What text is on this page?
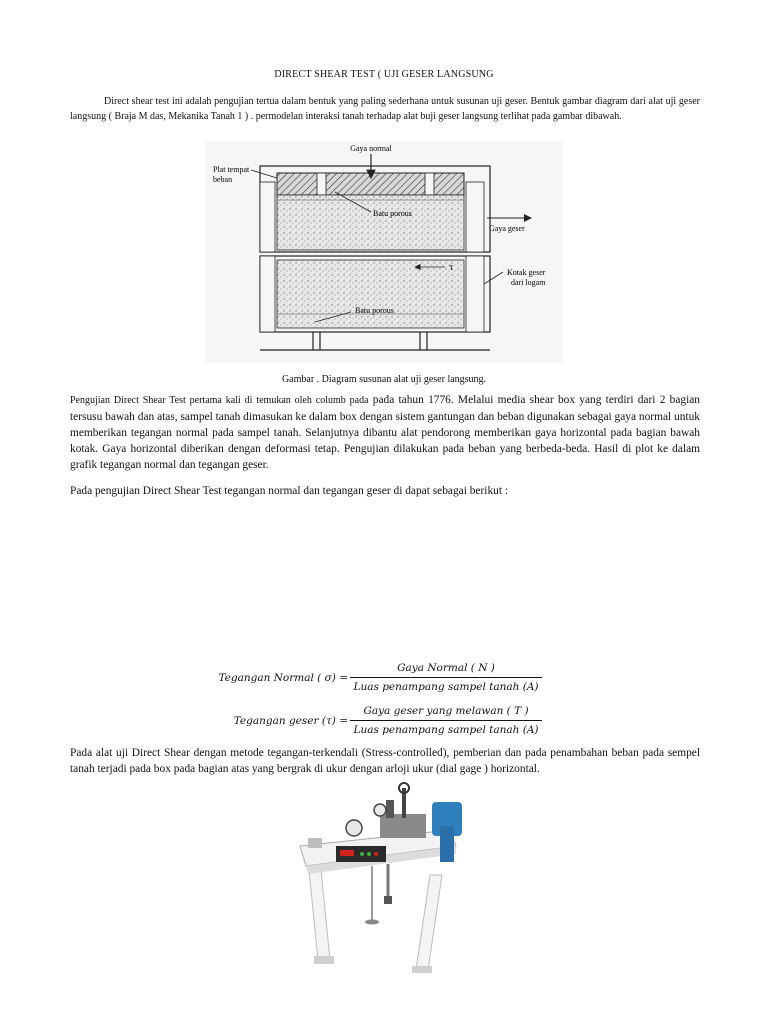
DIRECT SHEAR TEST ( UJI GESER LANGSUNG

Direct shear test ini adalah pengujian tertua dalam bentuk yang paling sederhana untuk susunan uji geser. Bentuk gambar diagram dari alat uji geser langsung ( Braja M das, Mekanika Tanah 1 ) . permodelan interaksi tanah terhadap alat buji geser langsung terlihat pada gambar dibawah.

Gaya normal
Plat tempat
beban
Batu porous
Gaya geser
τ
Kotak geser
dari logam
Batu porous
Gambar . Diagram susunan alat uji geser langsung.

Pengujian Direct Shear Test pertama kali di temukan oleh columb pada pada tahun 1776. Melalui media shear box yang terdiri dari 2 bagian tersusu bawah dan atas, sampel tanah dimasukan ke dalam box dengan sistem gantungan dan beban digunakan sebagai gaya normal untuk memberikan tegangan normal pada sampel tanah. Selanjutnya dibantu alat pendorong memberikan gaya horizontal pada bagian bawah kotak. Gaya horizontal diberikan dengan deformasi tetap. Pengujian dilakukan pada beban yang berbeda-beda. Hasil di plot ke dalam grafik tegangan normal dan tegangan geser.

Pada pengujian Direct Shear Test tegangan normal dan tegangan geser di dapat sebagai berikut :

Tegangan Normal ( σ) =
Gaya Normal ( N )
Luas penampang sampel tanah (A)
Tegangan geser (τ) =
Gaya geser yang melawan ( T )
Luas penampang sampel tanah (A)

Pada alat uji Direct Shear dengan metode tegangan-terkendali (Stress-controlled), pemberian dan pada penambahan beban pada sempel tanah terjadi pada box pada bagian atas yang bergrak di ukur dengan arloji ukur (dial gage ) horizontal.
